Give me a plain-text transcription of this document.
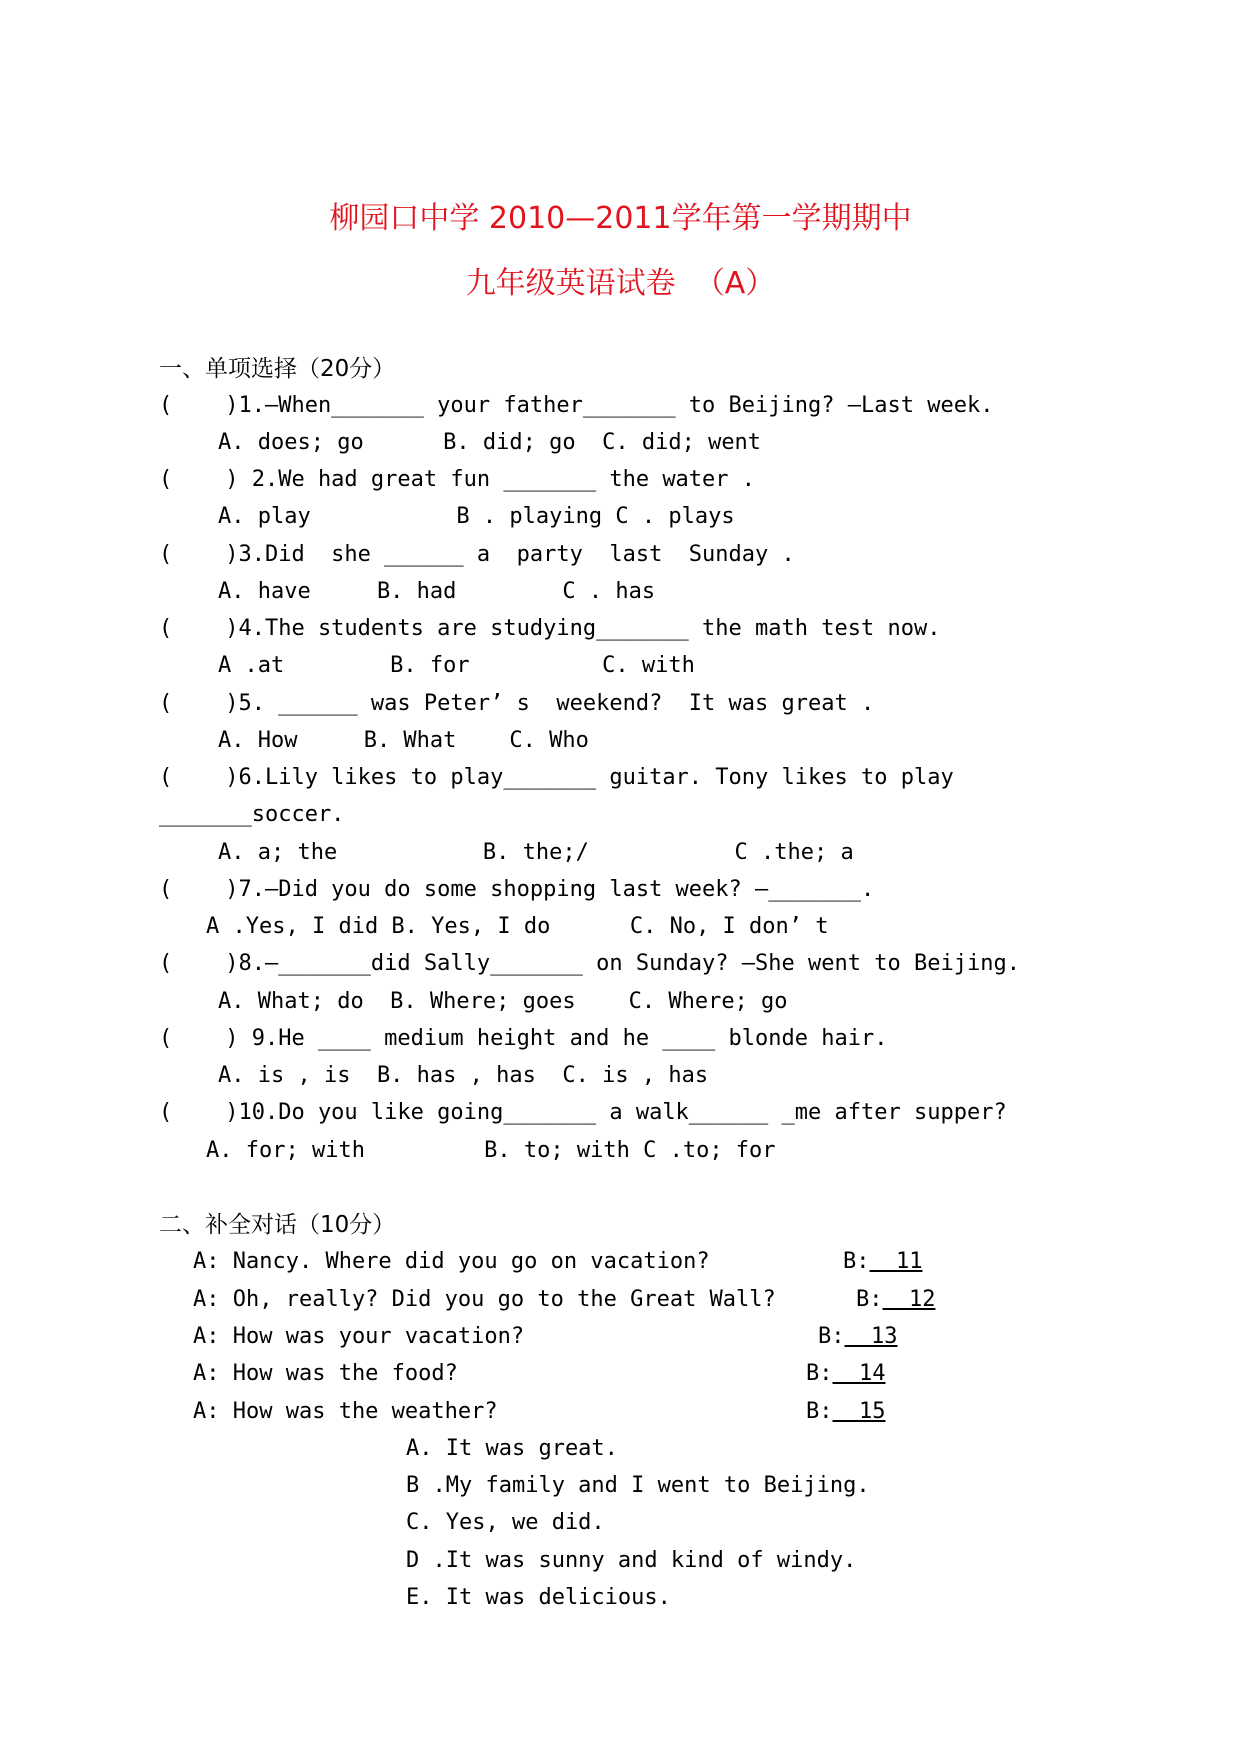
柳园口中学 2010—2011学年第一学期期中
九年级英语试卷  （A）
一、单项选择（20分）
(    )1.—When_______ your father_______ to Beijing? —Last week.
A. does; go      B. did; go  C. did; went
(    ) 2.We had great fun _______ the water .
A. play           B . playing C . plays
(    )3.Did  she ______ a  party  last  Sunday .
A. have     B. had        C . has
(    )4.The students are studying_______ the math test now.
A .at        B. for          C. with
(    )5. ______ was Peter’ s  weekend?  It was great .
A. How     B. What    C. Who
(    )6.Lily likes to play_______ guitar. Tony likes to play
_______soccer.
A. a; the           B. the;/           C .the; a
(    )7.—Did you do some shopping last week? —_______.
A .Yes, I did B. Yes, I do      C. No, I don’ t
(    )8.—_______did Sally_______ on Sunday? —She went to Beijing.
A. What; do  B. Where; goes    C. Where; go
(    ) 9.He ____ medium height and he ____ blonde hair.
A. is , is  B. has , has  C. is , has
(    )10.Do you like going_______ a walk______ _me after supper?
A. for; with         B. to; with C .to; for
二、补全对话（10分）
A: Nancy. Where did you go on vacation?	B:  11
A: Oh, really? Did you go to the Great Wall?	B:  12
A: How was your vacation?	B:  13
A: How was the food?	B:  14
A: How was the weather?	B:  15
A. It was great.
B .My family and I went to Beijing.
C. Yes, we did.
D .It was sunny and kind of windy.
E. It was delicious.
